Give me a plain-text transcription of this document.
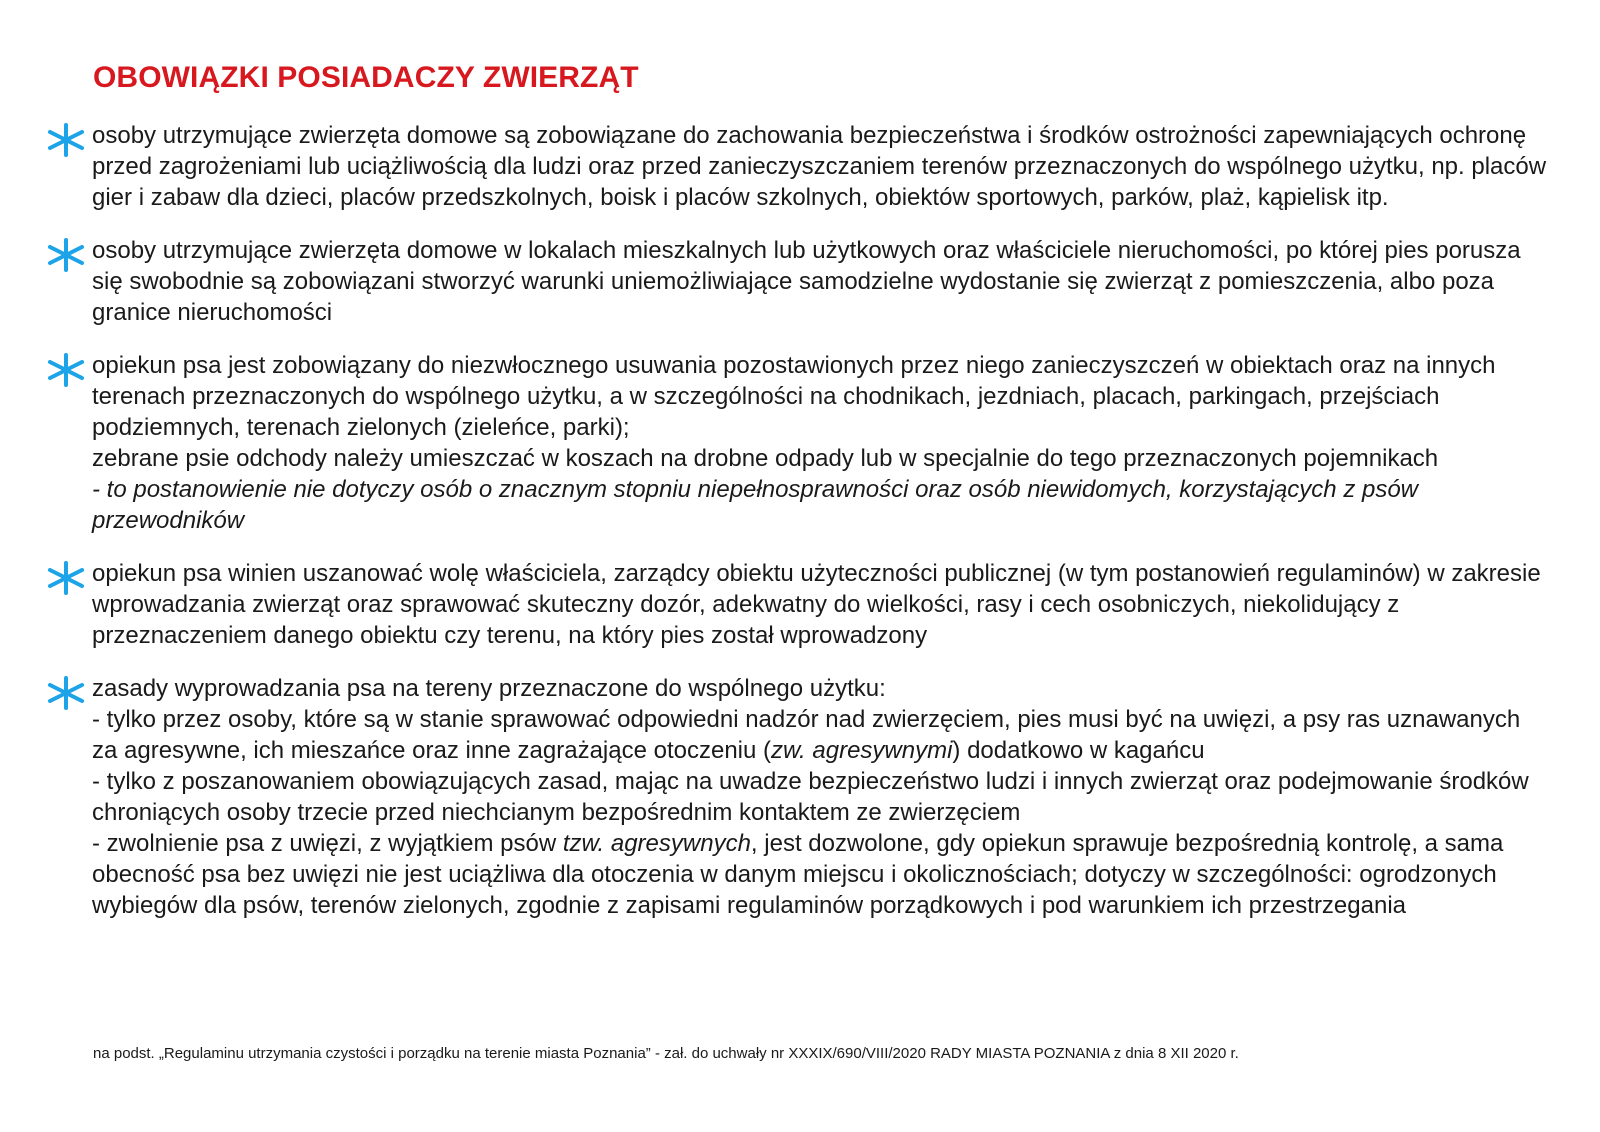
OBOWIĄZKI POSIADACZY ZWIERZĄT

osoby utrzymujące zwierzęta domowe są zobowiązane do zachowania bezpieczeństwa i środków ostrożności zapewniających ochronę przed zagrożeniami lub uciążliwością dla ludzi oraz przed zanieczyszczaniem terenów przeznaczonych do wspólnego użytku, np. placów gier i zabaw dla dzieci, placów przedszkolnych, boisk i placów szkolnych, obiektów sportowych, parków, plaż, kąpielisk itp.

osoby utrzymujące zwierzęta domowe w lokalach mieszkalnych lub użytkowych oraz właściciele nieruchomości, po której pies porusza się swobodnie są zobowiązani stworzyć warunki uniemożliwiające samodzielne wydostanie się zwierząt z pomieszczenia, albo poza granice nieruchomości

opiekun psa jest zobowiązany do niezwłocznego usuwania pozostawionych przez niego zanieczyszczeń w obiektach oraz na innych terenach przeznaczonych do wspólnego użytku, a w szczególności na chodnikach, jezdniach, placach, parkingach, przejściach podziemnych, terenach zielonych (zieleńce, parki);

zebrane psie odchody należy umieszczać w koszach na drobne odpady lub w specjalnie do tego przeznaczonych pojemnikach

- to postanowienie nie dotyczy osób o znacznym stopniu niepełnosprawności oraz osób niewidomych, korzystających z psów przewodników

opiekun psa winien uszanować wolę właściciela, zarządcy obiektu użyteczności publicznej (w tym postanowień regulaminów) w zakresie wprowadzania zwierząt oraz sprawować skuteczny dozór, adekwatny do wielkości, rasy i cech osobniczych, niekolidujący z przeznaczeniem danego obiektu czy terenu, na który pies został wprowadzony

zasady wyprowadzania psa na tereny przeznaczone do wspólnego użytku:

- tylko przez osoby, które są w stanie sprawować odpowiedni nadzór nad zwierzęciem, pies musi być na uwięzi, a psy ras uznawanych za agresywne, ich mieszańce oraz inne zagrażające otoczeniu (zw. agresywnymi) dodatkowo w kagańcu

- tylko z poszanowaniem obowiązujących zasad, mając na uwadze bezpieczeństwo ludzi i innych zwierząt oraz podejmowanie środków chroniących osoby trzecie przed niechcianym bezpośrednim kontaktem ze zwierzęciem

- zwolnienie psa z uwięzi, z wyjątkiem psów tzw. agresywnych, jest dozwolone, gdy opiekun sprawuje bezpośrednią kontrolę, a sama obecność psa bez uwięzi nie jest uciążliwa dla otoczenia w danym miejscu i okolicznościach; dotyczy w szczególności: ogrodzonych wybiegów dla psów, terenów zielonych, zgodnie z zapisami regulaminów porządkowych i pod warunkiem ich przestrzegania

na podst. „Regulaminu utrzymania czystości i porządku na terenie miasta Poznania” - zał. do uchwały nr XXXIX/690/VIII/2020 RADY MIASTA POZNANIA z dnia 8 XII 2020 r.
